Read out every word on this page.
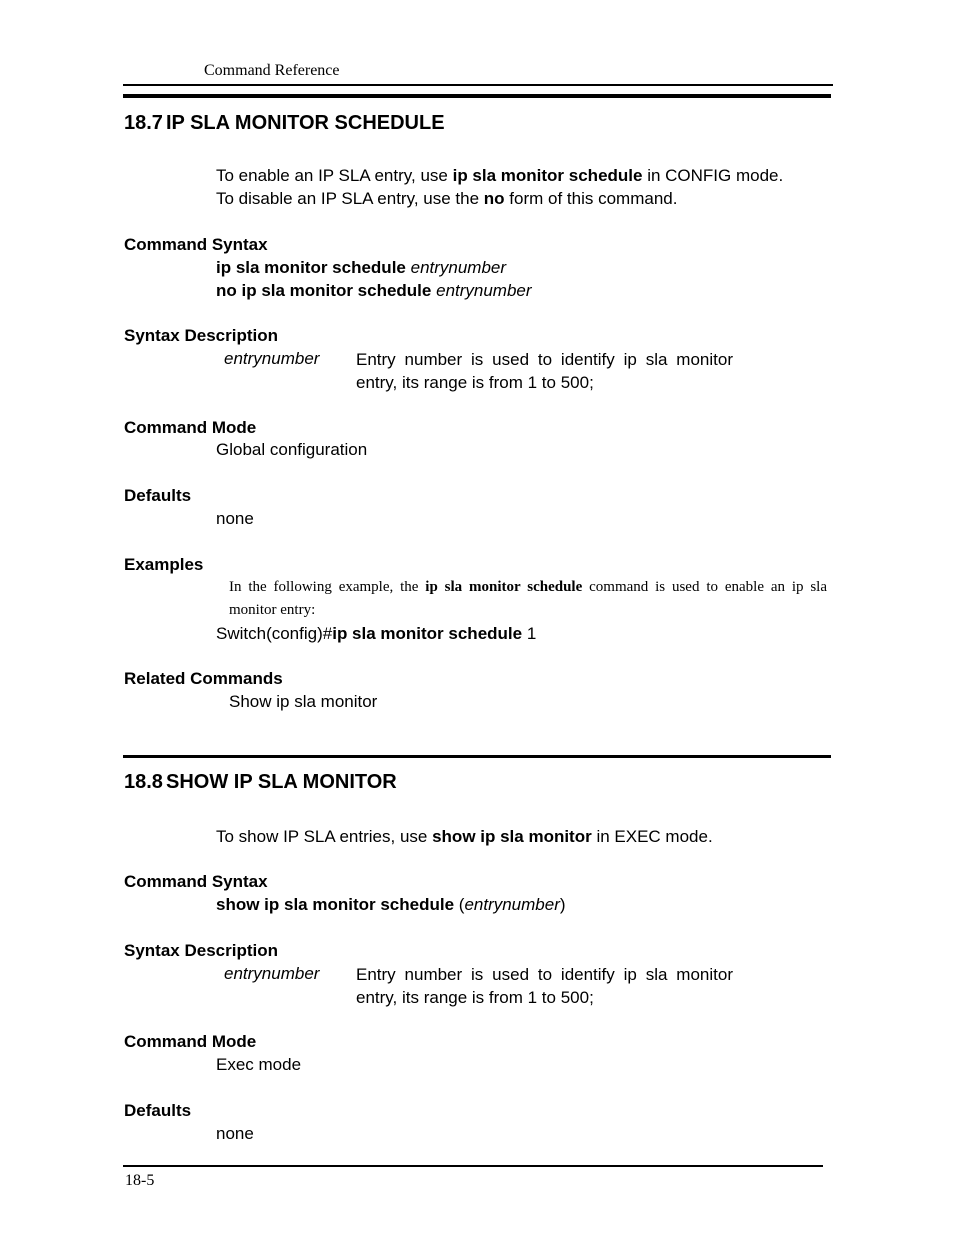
Command Reference
18.7 IP SLA MONITOR SCHEDULE
To enable an IP SLA entry, use ip sla monitor schedule in CONFIG mode.
To disable an IP SLA entry, use the no form of this command.
Command Syntax
ip sla monitor schedule entrynumber
no ip sla monitor schedule entrynumber
Syntax Description
entrynumber Entry number is used to identify ip sla monitor entry, its range is from 1 to 500;
Command Mode
Global configuration
Defaults
none
Examples
In the following example, the ip sla monitor schedule command is used to enable an ip sla monitor entry:
Switch(config)#ip sla monitor schedule 1
Related Commands
Show ip sla monitor
18.8 SHOW IP SLA MONITOR
To show IP SLA entries, use show ip sla monitor in EXEC mode.
Command Syntax
show ip sla monitor schedule (entrynumber)
Syntax Description
entrynumber Entry number is used to identify ip sla monitor entry, its range is from 1 to 500;
Command Mode
Exec mode
Defaults
none
18-5
